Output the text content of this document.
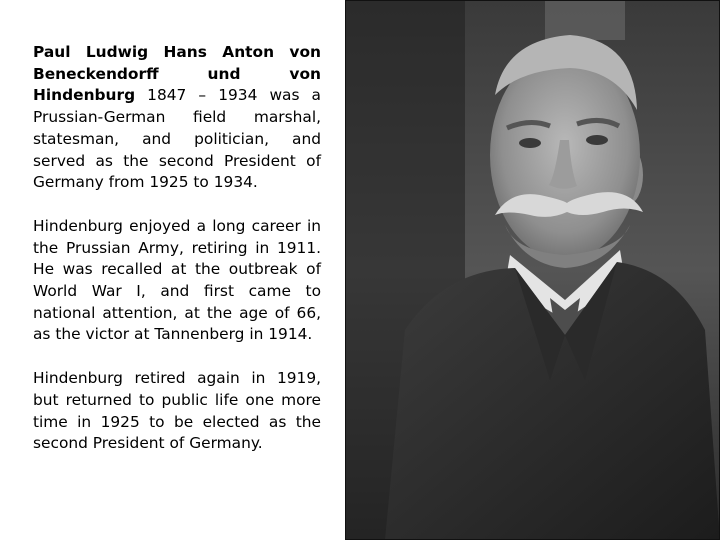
Paul Ludwig Hans Anton von Beneckendorff und von Hindenburg 1847 – 1934 was a Prussian-German field marshal, statesman, and politician, and served as the second President of Germany from 1925 to 1934.

Hindenburg enjoyed a long career in the Prussian Army, retiring in 1911. He was recalled at the outbreak of World War I, and first came to national attention, at the age of 66, as the victor at Tannenberg in 1914.

Hindenburg retired again in 1919, but returned to public life one more time in 1925 to be elected as the second President of Germany.
